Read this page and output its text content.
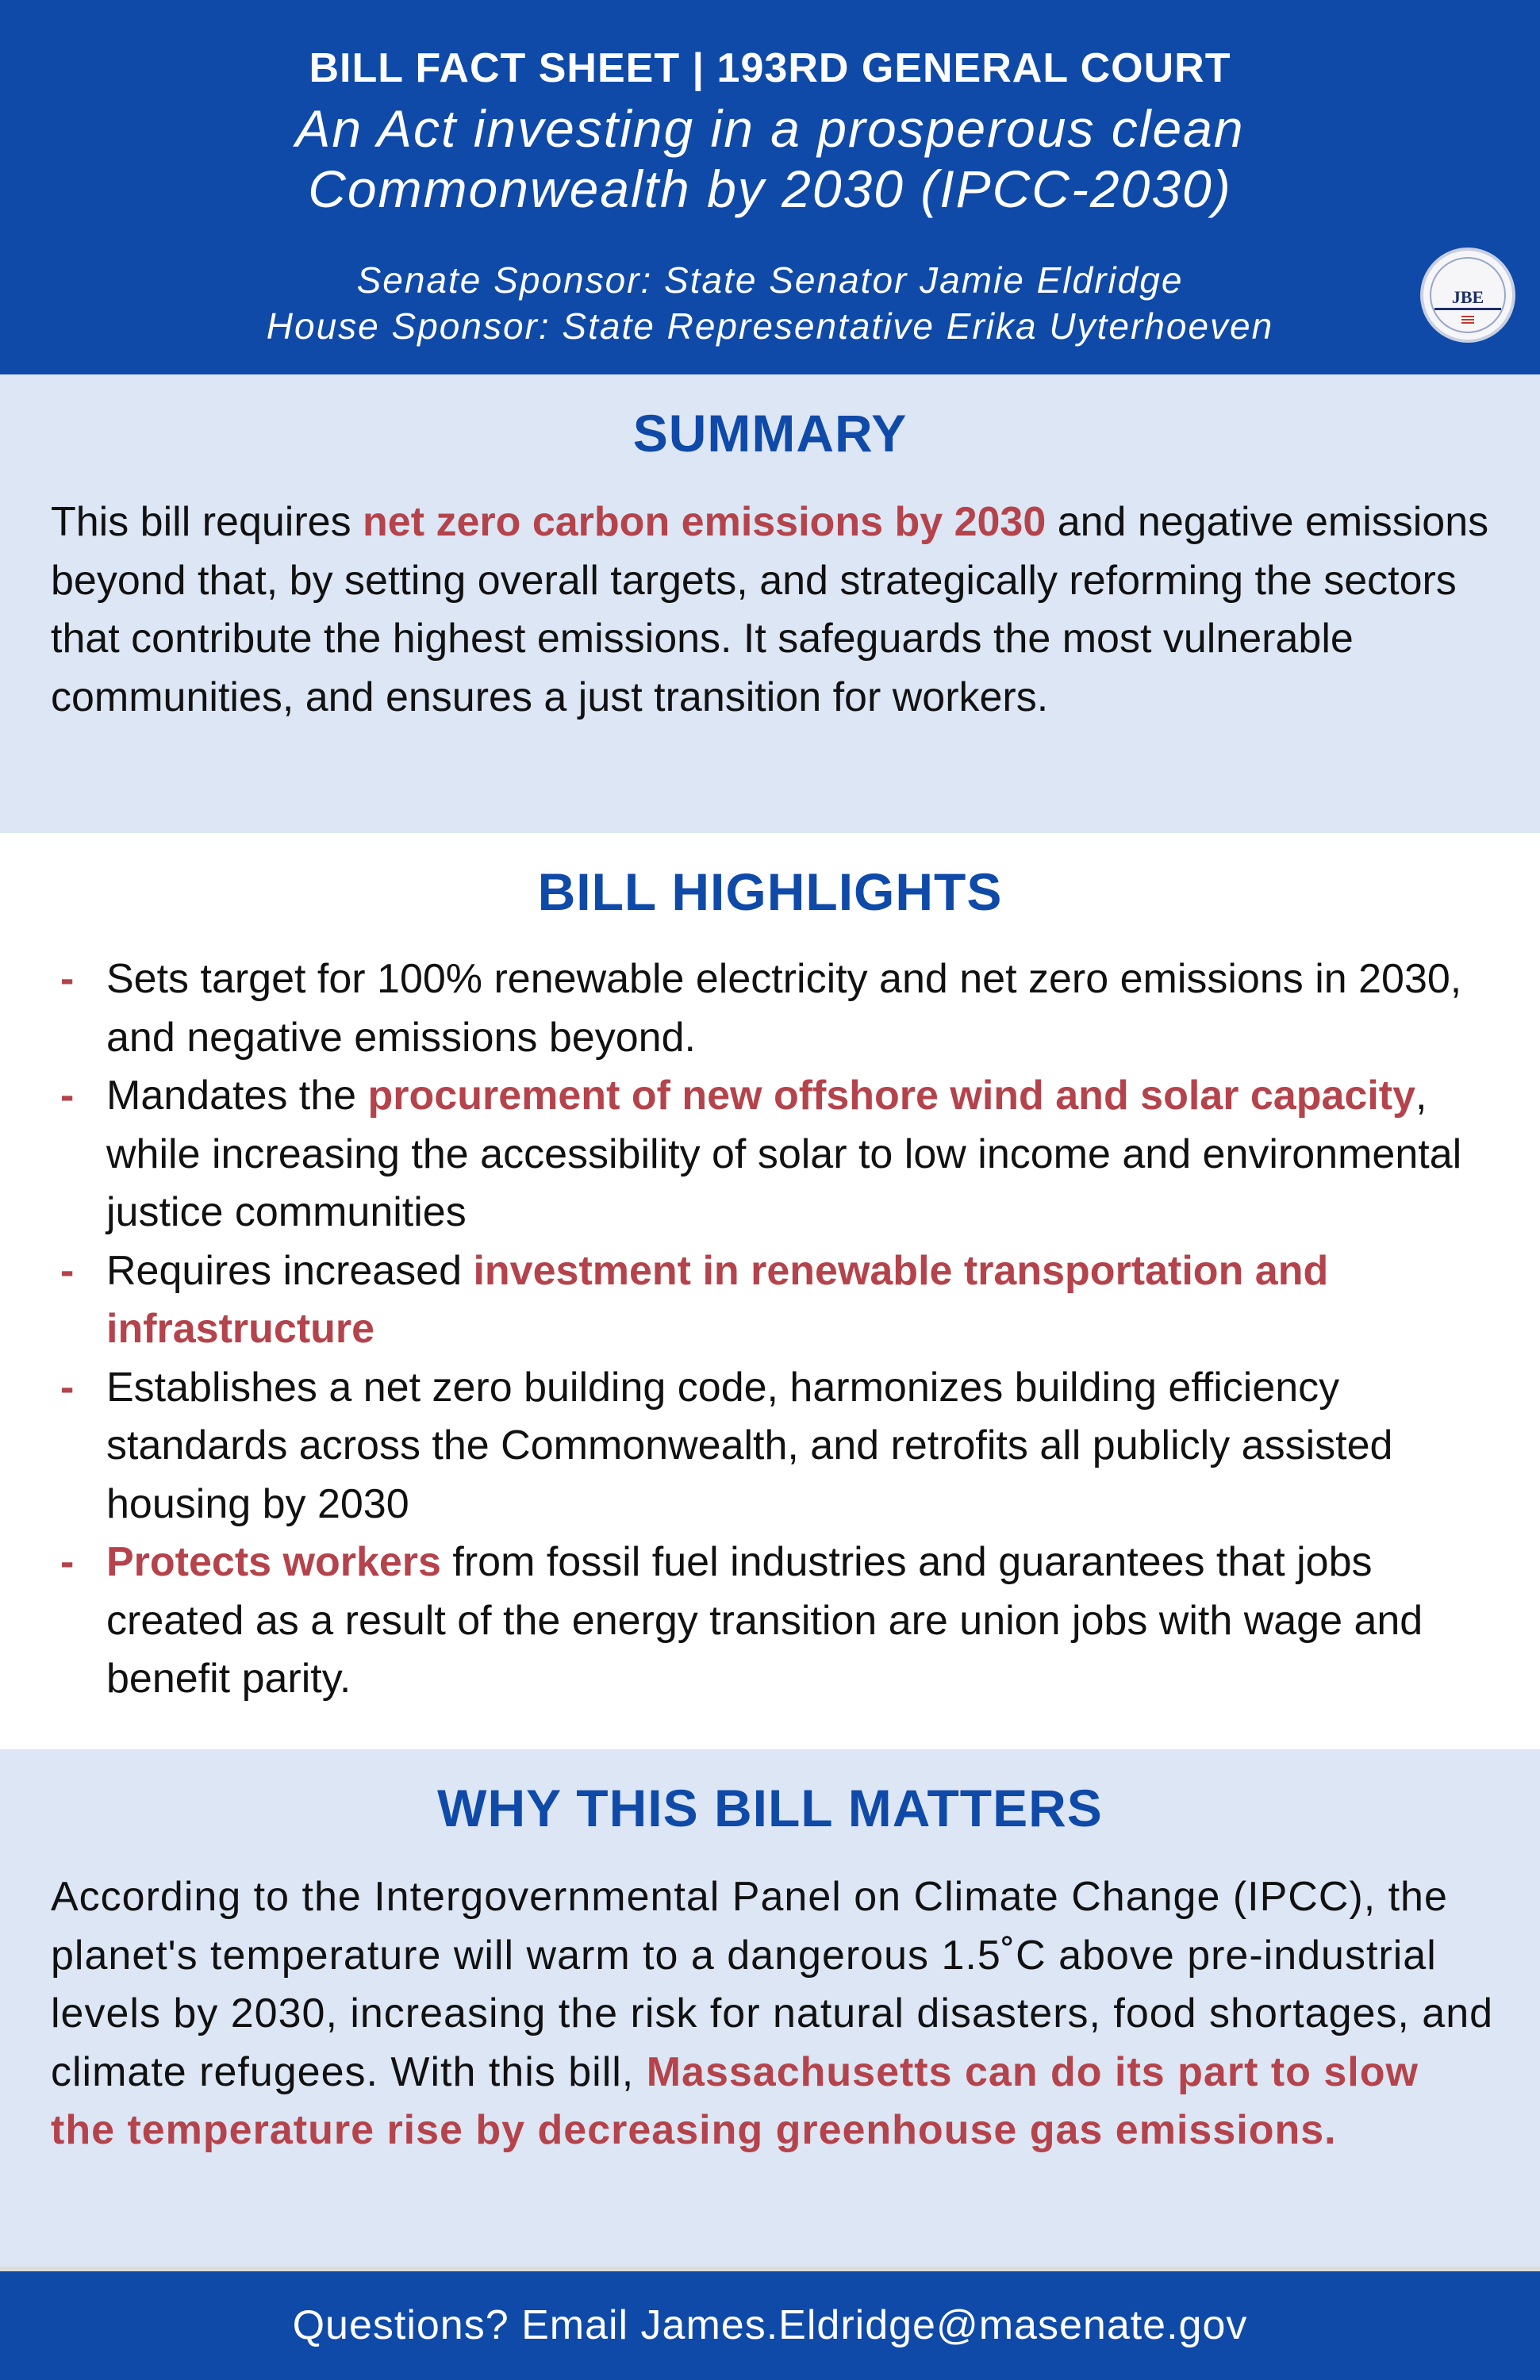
BILL FACT SHEET | 193RD GENERAL COURT
An Act investing in a prosperous clean
Commonwealth by 2030 (IPCC-2030)
Senate Sponsor: State Senator Jamie Eldridge
House Sponsor: State Representative Erika Uyterhoeven
JBE
SUMMARY
This bill requires net zero carbon emissions by 2030 and negative emissions beyond that, by setting overall targets, and strategically reforming the sectors that contribute the highest emissions. It safeguards the most vulnerable communities, and ensures a just transition for workers.
BILL HIGHLIGHTS
- Sets target for 100% renewable electricity and net zero emissions in 2030, and negative emissions beyond.
- Mandates the procurement of new offshore wind and solar capacity, while increasing the accessibility of solar to low income and environmental justice communities
- Requires increased investment in renewable transportation and infrastructure
- Establishes a net zero building code, harmonizes building efficiency standards across the Commonwealth, and retrofits all publicly assisted housing by 2030
- Protects workers from fossil fuel industries and guarantees that jobs created as a result of the energy transition are union jobs with wage and benefit parity.
WHY THIS BILL MATTERS
According to the Intergovernmental Panel on Climate Change (IPCC), the planet's temperature will warm to a dangerous 1.5˚C above pre-industrial levels by 2030, increasing the risk for natural disasters, food shortages, and climate refugees. With this bill, Massachusetts can do its part to slow the temperature rise by decreasing greenhouse gas emissions.
Questions? Email James.Eldridge@masenate.gov
